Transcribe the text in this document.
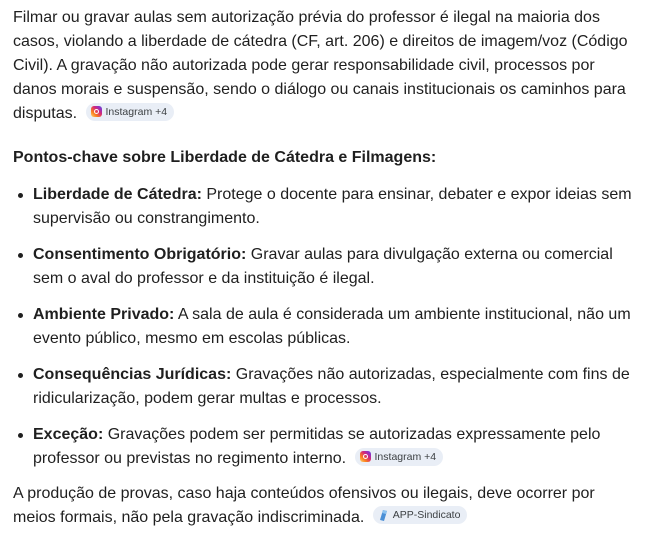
Filmar ou gravar aulas sem autorização prévia do professor é ilegal na maioria dos casos, violando a liberdade de cátedra (CF, art. 206) e direitos de imagem/voz (Código Civil). A gravação não autorizada pode gerar responsabilidade civil, processos por danos morais e suspensão, sendo o diálogo ou canais institucionais os caminhos para disputas.	Instagram +4

Pontos-chave sobre Liberdade de Cátedra e Filmagens:

Liberdade de Cátedra: Protege o docente para ensinar, debater e expor ideias sem supervisão ou constrangimento.
Consentimento Obrigatório: Gravar aulas para divulgação externa ou comercial sem o aval do professor e da instituição é ilegal.
Ambiente Privado: A sala de aula é considerada um ambiente institucional, não um evento público, mesmo em escolas públicas.
Consequências Jurídicas: Gravações não autorizadas, especialmente com fins de ridicularização, podem gerar multas e processos.
Exceção: Gravações podem ser permitidas se autorizadas expressamente pelo professor ou previstas no regimento interno.	Instagram +4

A produção de provas, caso haja conteúdos ofensivos ou ilegais, deve ocorrer por meios formais, não pela gravação indiscriminada.	APP-Sindicato
